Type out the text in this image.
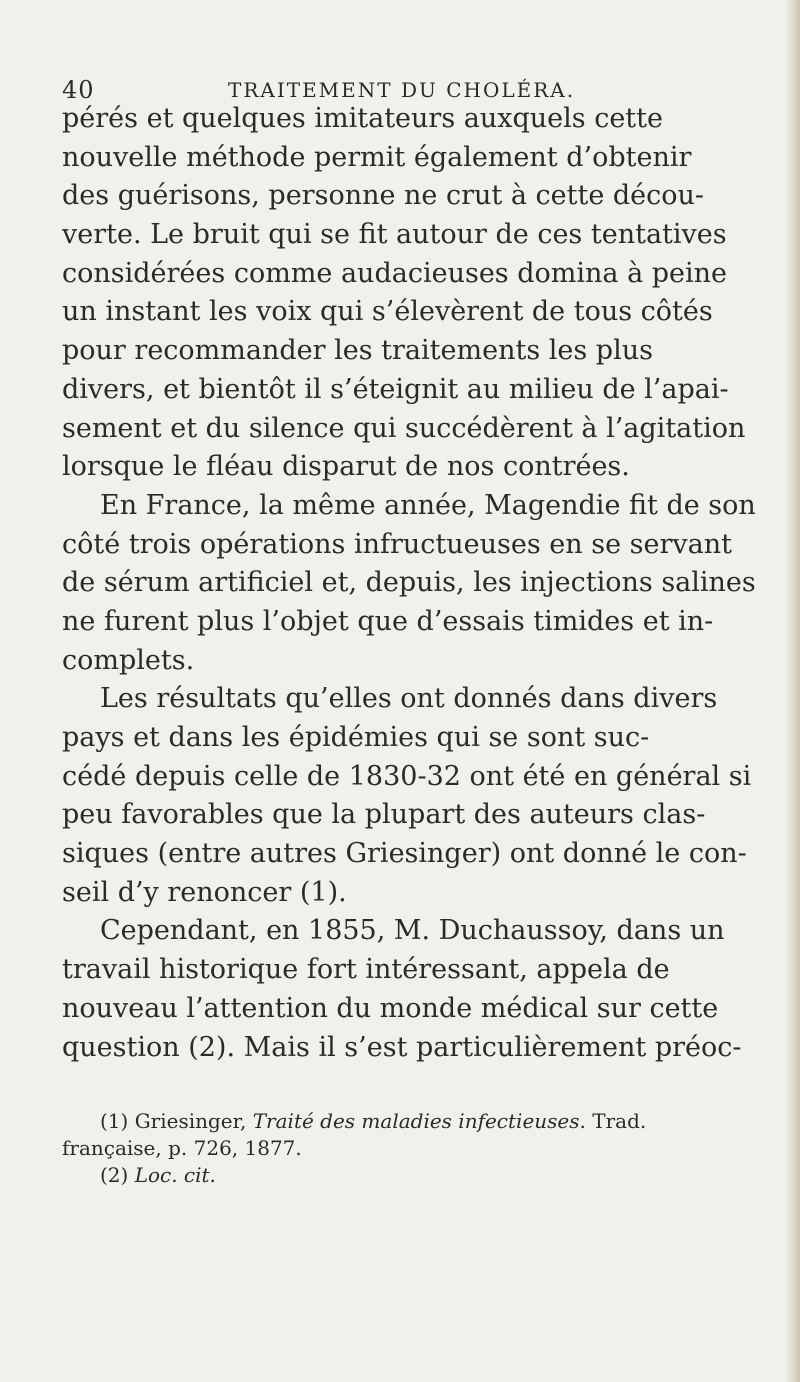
40	TRAITEMENT DU CHOLÉRA.
pérés et quelques imitateurs auxquels cette
nouvelle méthode permit également d’obtenir
des guérisons, personne ne crut à cette décou-
verte. Le bruit qui se fit autour de ces tentatives
considérées comme audacieuses domina à peine
un instant les voix qui s’élevèrent de tous côtés
pour recommander les traitements les plus
divers, et bientôt il s’éteignit au milieu de l’apai-
sement et du silence qui succédèrent à l’agitation
lorsque le fléau disparut de nos contrées.
En France, la même année, Magendie fit de son
côté trois opérations infructueuses en se servant
de sérum artificiel et, depuis, les injections salines
ne furent plus l’objet que d’essais timides et in-
complets.
Les résultats qu’elles ont donnés dans divers
pays et dans les épidémies qui se sont suc-
cédé depuis celle de 1830-32 ont été en général si
peu favorables que la plupart des auteurs clas-
siques (entre autres Griesinger) ont donné le con-
seil d’y renoncer (1).
Cependant, en 1855, M. Duchaussoy, dans un
travail historique fort intéressant, appela de
nouveau l’attention du monde médical sur cette
question (2). Mais il s’est particulièrement préoc-
(1) Griesinger, Traité des maladies infectieuses. Trad.
française, p. 726, 1877.
(2) Loc. cit.
